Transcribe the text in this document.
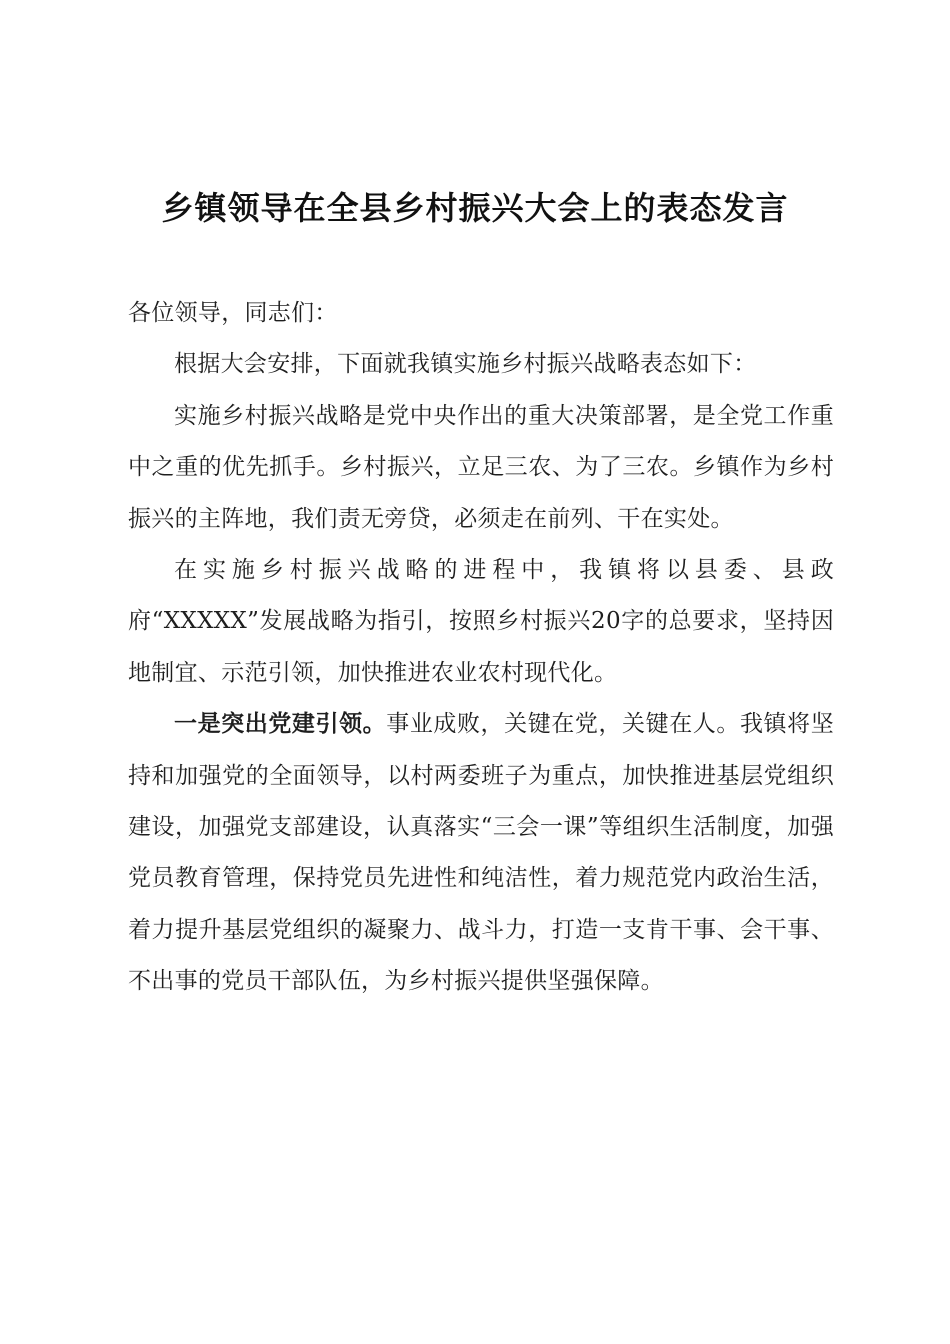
乡镇领导在全县乡村振兴大会上的表态发言

各位领导，同志们：

根据大会安排，下面就我镇实施乡村振兴战略表态如下：

实施乡村振兴战略是党中央作出的重大决策部署，是全党工作重中之重的优先抓手。乡村振兴，立足三农、为了三农。乡镇作为乡村振兴的主阵地，我们责无旁贷，必须走在前列、干在实处。

在实施乡村振兴战略的进程中，我镇将以县委、县政府“XXXXX”发展战略为指引，按照乡村振兴20字的总要求，坚持因地制宜、示范引领，加快推进农业农村现代化。

一是突出党建引领。事业成败，关键在党，关键在人。我镇将坚持和加强党的全面领导，以村两委班子为重点，加快推进基层党组织建设，加强党支部建设，认真落实“三会一课”等组织生活制度，加强党员教育管理，保持党员先进性和纯洁性，着力规范党内政治生活，着力提升基层党组织的凝聚力、战斗力，打造一支肯干事、会干事、不出事的党员干部队伍，为乡村振兴提供坚强保障。
